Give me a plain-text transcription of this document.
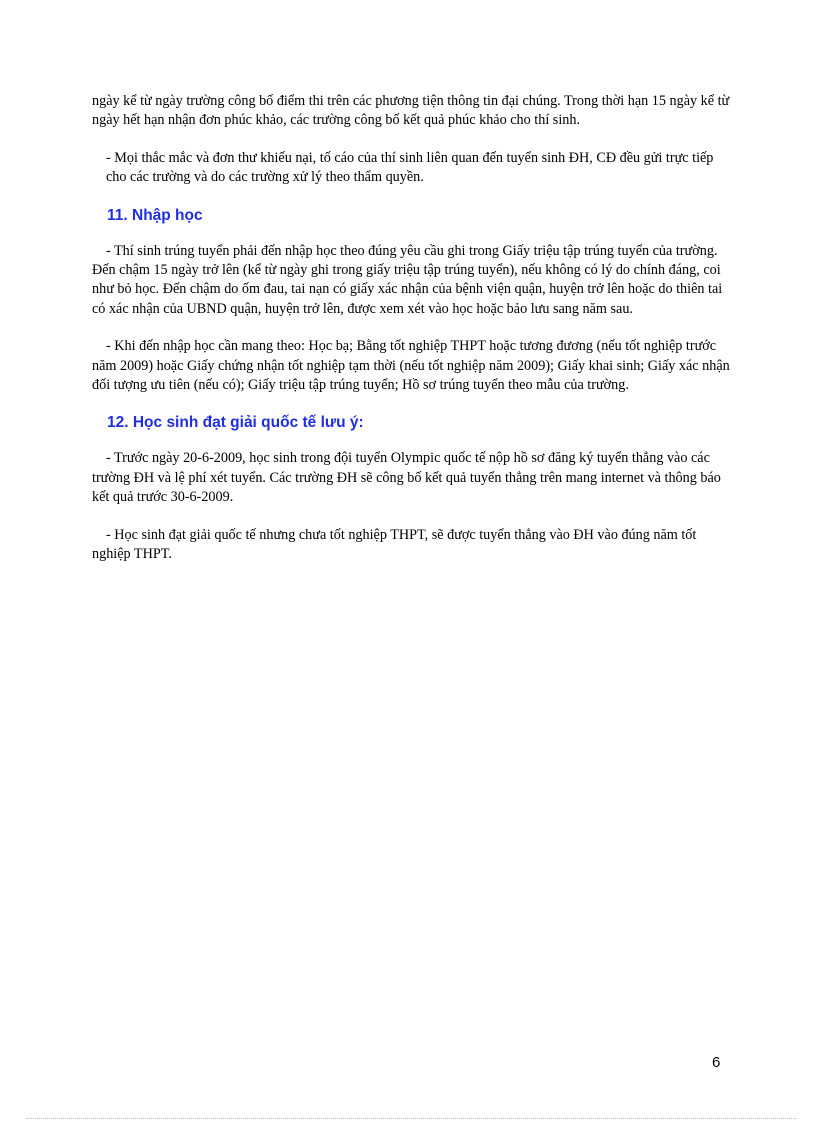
ngày kể từ ngày trường công bố điểm thi trên các phương tiện thông tin đại chúng. Trong thời hạn 15 ngày kể từ ngày hết hạn nhận đơn phúc khảo, các trường công bố kết quả phúc khảo cho thí sinh.

- Mọi thắc mắc và đơn thư khiếu nại, tố cáo của thí sinh liên quan đến tuyển sinh ĐH, CĐ đều gửi trực tiếp cho các trường và do các trường xử lý theo thẩm quyền.

11. Nhập học

- Thí sinh trúng tuyển phải đến nhập học theo đúng yêu cầu ghi trong Giấy triệu tập trúng tuyển của trường. Đến chậm 15 ngày trở lên (kể từ ngày ghi trong giấy triệu tập trúng tuyển), nếu không có lý do chính đáng, coi như bỏ học. Đến chậm do ốm đau, tai nạn có giấy xác nhận của bệnh viện quận, huyện trở lên hoặc do thiên tai có xác nhận của UBND quận, huyện trở lên, được xem xét vào học hoặc bảo lưu sang năm sau.

- Khi đến nhập học cần mang theo: Học bạ; Bằng tốt nghiệp THPT hoặc tương đương (nếu tốt nghiệp trước năm 2009) hoặc Giấy chứng nhận tốt nghiệp tạm thời (nếu tốt nghiệp năm 2009); Giấy khai sinh; Giấy xác nhận đối tượng ưu tiên (nếu có); Giấy triệu tập trúng tuyển; Hồ sơ trúng tuyển theo mẫu của trường.

12. Học sinh đạt giải quốc tế lưu ý:

- Trước ngày 20-6-2009, học sinh trong đội tuyển Olympic quốc tế nộp hồ sơ đăng ký tuyển thẳng vào các trường ĐH và lệ phí xét tuyển. Các trường ĐH sẽ công bố kết quả tuyển thẳng trên mang internet và thông báo kết quả trước 30-6-2009.

- Học sinh đạt giải quốc tế nhưng chưa tốt nghiệp THPT, sẽ được tuyển thẳng vào ĐH vào đúng năm tốt nghiệp THPT.

6
